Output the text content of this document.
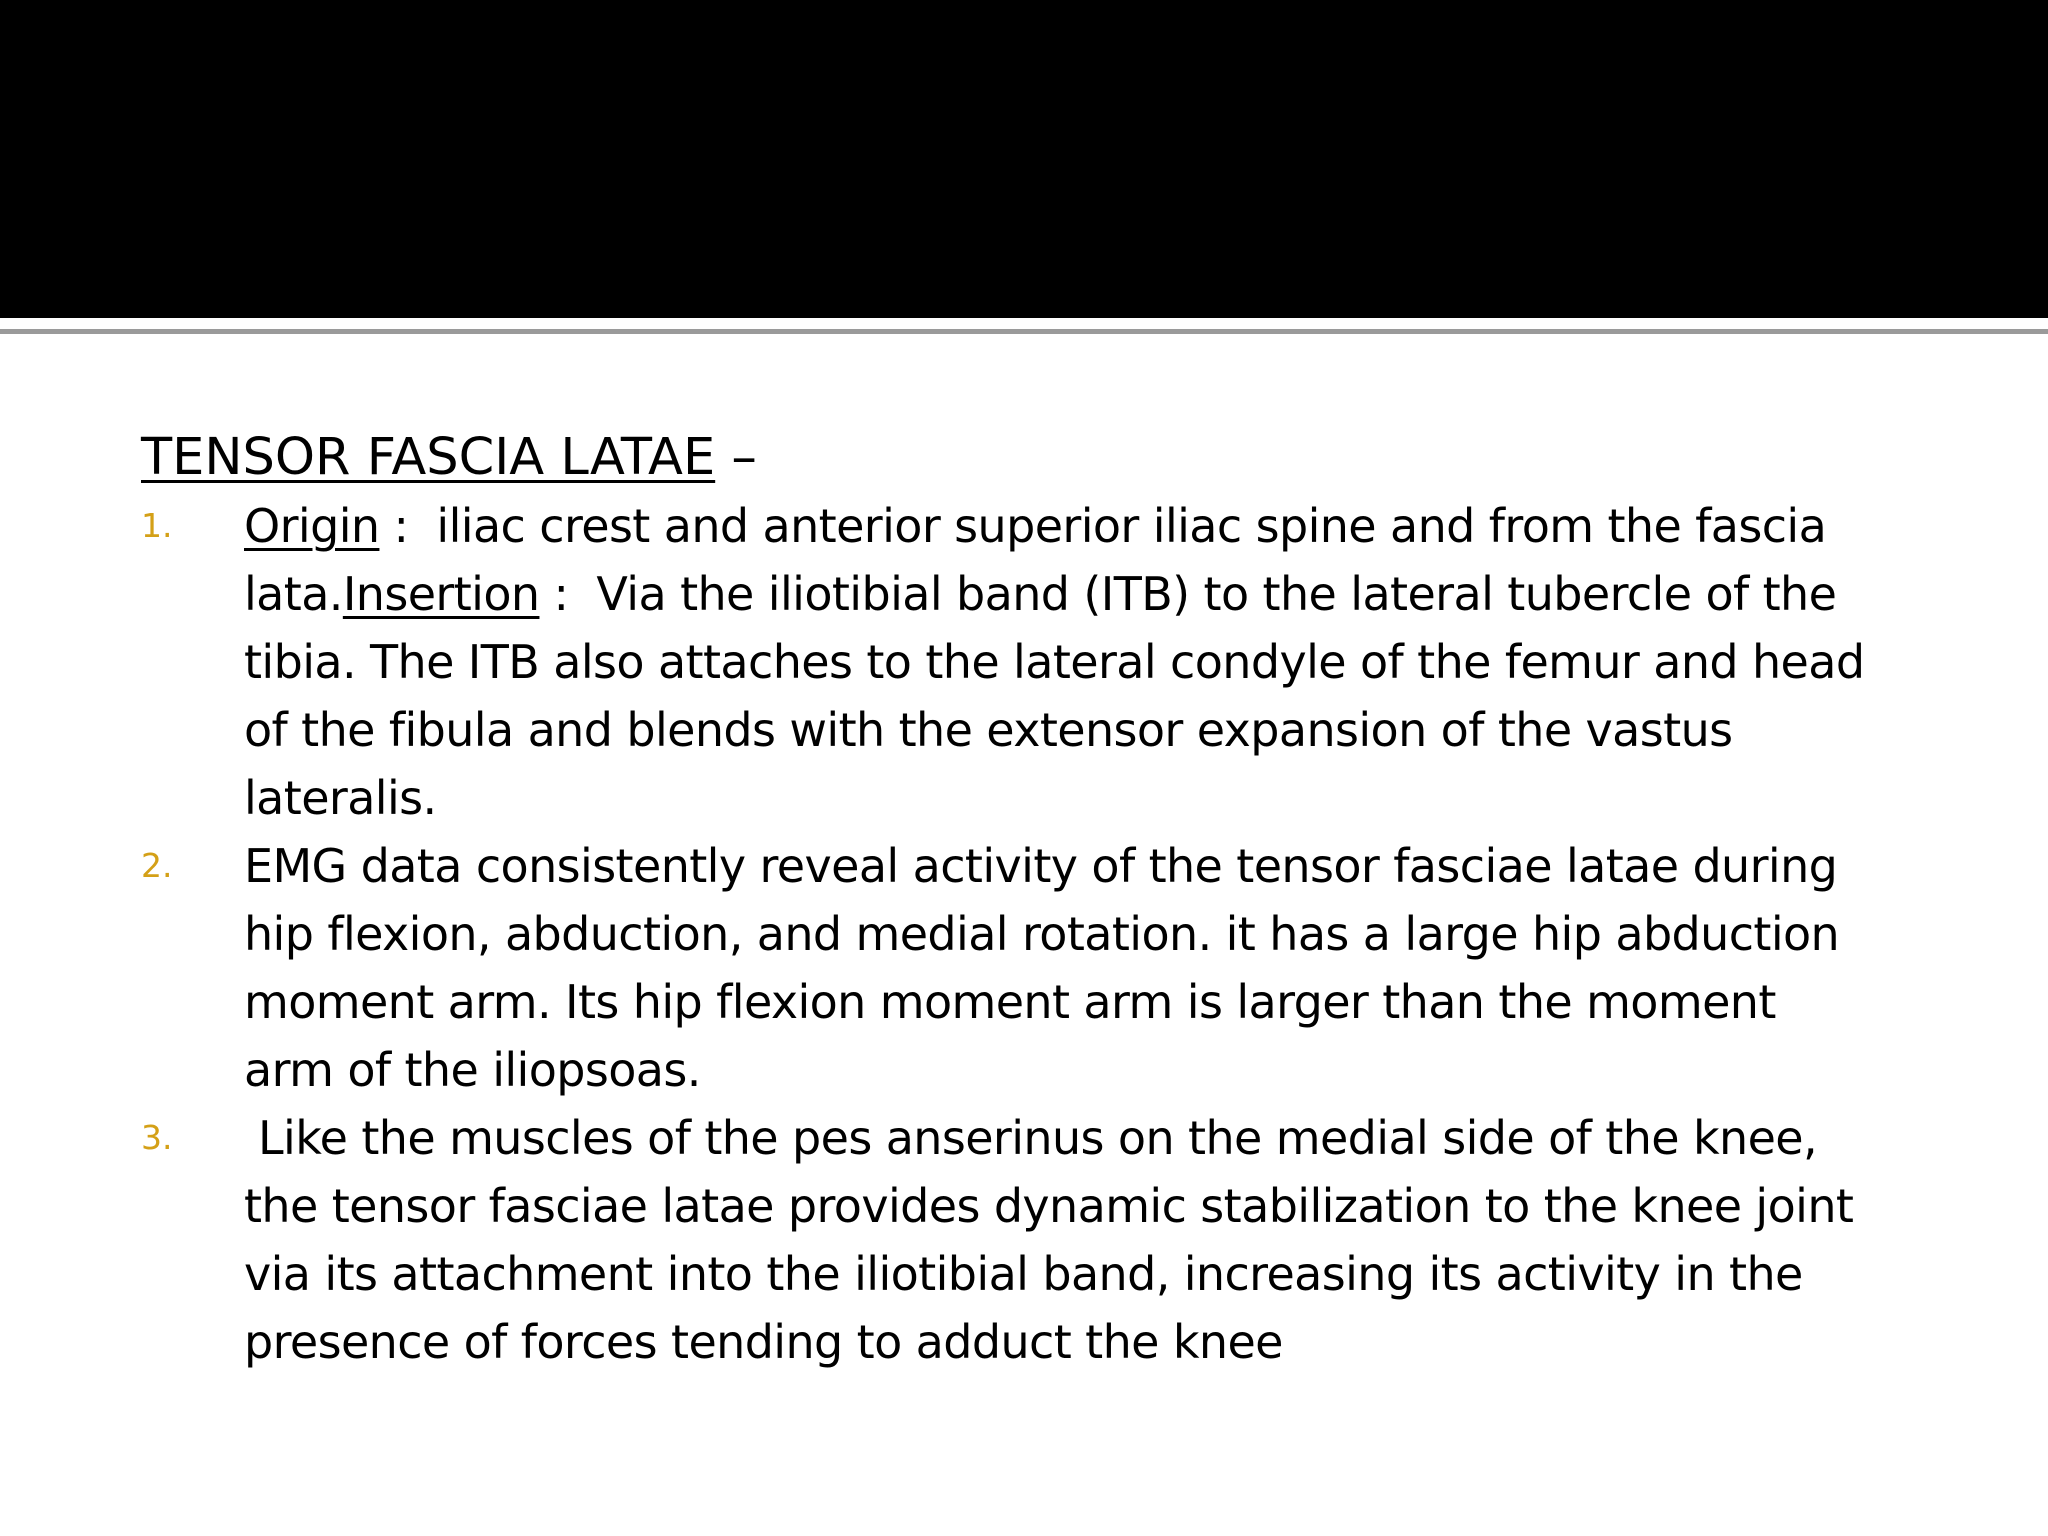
TENSOR FASCIA LATAE –
1. Origin :  iliac crest and anterior superior iliac spine and from the fascia
lata.Insertion :  Via the iliotibial band (ITB) to the lateral tubercle of the
tibia. The ITB also attaches to the lateral condyle of the femur and head
of the fibula and blends with the extensor expansion of the vastus
lateralis.
2. EMG data consistently reveal activity of the tensor fasciae latae during
hip flexion, abduction, and medial rotation. it has a large hip abduction
moment arm. Its hip flexion moment arm is larger than the moment
arm of the iliopsoas.
3. Like the muscles of the pes anserinus on the medial side of the knee,
the tensor fasciae latae provides dynamic stabilization to the knee joint
via its attachment into the iliotibial band, increasing its activity in the
presence of forces tending to adduct the knee
